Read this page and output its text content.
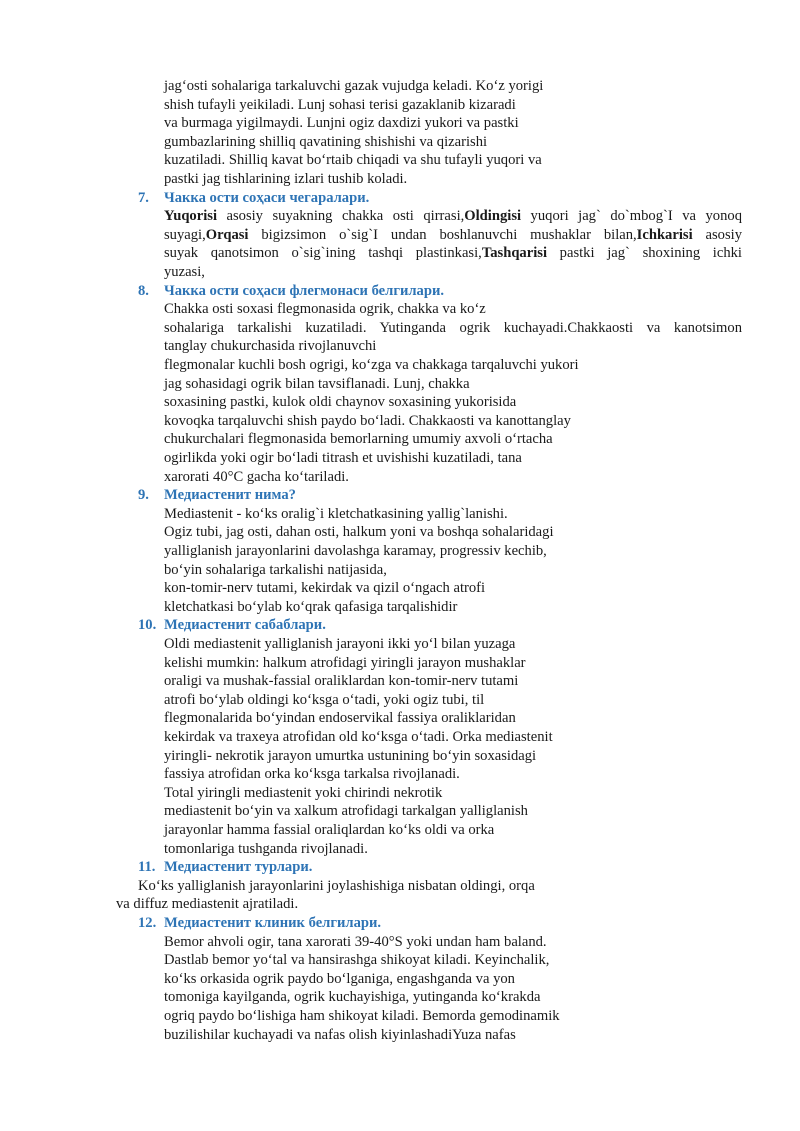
jag‘osti sohalariga tarkaluvchi gazak vujudga keladi. Ko‘z yorigi
shish tufayli yeikiladi. Lunj sohasi terisi gazaklanib kizaradi
va burmaga yigilmaydi. Lunjni ogiz daxdizi yukori va pastki
gumbazlarining shilliq qavatining shishishi va qizarishi
kuzatiladi. Shilliq kavat bo‘rtaib chiqadi va shu tufayli yuqori va
pastki jag tishlarining izlari tushib koladi.
7. Чакка ости соҳаси чегаралари.
Yuqorisi asosiy suyakning chakka osti qirrasi,Oldingisi yuqori jag` do`mbog`I va yonoq
suyagi,Orqasi bigizsimon o`sig`I undan boshlanuvchi mushaklar bilan,Ichkarisi asosiy
suyak qanotsimon o`sig`ining tashqi plastinkasi,Tashqarisi pastki jag` shoxining ichki
yuzasi,
8. Чакка ости соҳаси флегмонаси белгилари.
Chakka osti soxasi flegmonasida ogrik, chakka va ko‘z
sohalariga tarkalishi kuzatiladi. Yutinganda ogrik kuchayadi.Chakkaosti va kanotsimon
tanglay chukurchasida rivojlanuvchi
flegmonalar kuchli bosh ogrigi, ko‘zga va chakkaga tarqaluvchi yukori
jag sohasidagi ogrik bilan tavsiflanadi. Lunj, chakka
soxasining pastki, kulok oldi chaynov soxasining yukorisida
kovoqka tarqaluvchi shish paydo bo‘ladi. Chakkaosti va kanottanglay
chukurchalari flegmonasida bemorlarning umumiy axvoli o‘rtacha
ogirlikda yoki ogir bo‘ladi titrash et uvishishi kuzatiladi, tana
xarorati 40°C gacha ko‘tariladi.
9. Медиастенит нима?
Mediastenit - ko‘ks oralig`i kletchatkasining yallig`lanishi.
Ogiz tubi, jag osti, dahan osti, halkum yoni va boshqa sohalaridagi
yalliglanish jarayonlarini davolashga karamay, progressiv kechib,
bo‘yin sohalariga tarkalishi natijasida,
kon-tomir-nerv tutami, kekirdak va qizil o‘ngach atrofi
kletchatkasi bo‘ylab ko‘qrak qafasiga tarqalishidir
10. Медиастенит сабаблари.
Oldi mediastenit yalliglanish jarayoni ikki yo‘l bilan yuzaga
kelishi mumkin: halkum atrofidagi yiringli jarayon mushaklar
oraligi va mushak-fassial oraliklardan kon-tomir-nerv tutami
atrofi bo‘ylab oldingi ko‘ksga o‘tadi, yoki ogiz tubi, til
flegmonalarida bo‘yindan endoservikal fassiya oraliklaridan
kekirdak va traxeya atrofidan old ko‘ksga o‘tadi. Orka mediastenit
yiringli- nekrotik jarayon umurtka ustunining bo‘yin soxasidagi
fassiya atrofidan orka ko‘ksga tarkalsa rivojlanadi.
Total yiringli mediastenit yoki chirindi nekrotik
mediastenit bo‘yin va xalkum atrofidagi tarkalgan yalliglanish
jarayonlar hamma fassial oraliqlardan ko‘ks oldi va orka
tomonlariga tushganda rivojlanadi.
11. Медиастенит турлари.
Ko‘ks yalliglanish jarayonlarini joylashishiga nisbatan oldingi, orqa
va diffuz mediastenit ajratiladi.
12. Медиастенит клиник белгилари.
Bemor ahvoli ogir, tana xarorati 39-40°S yoki undan ham baland.
Dastlab bemor yo‘tal va hansirashga shikoyat kiladi. Keyinchalik,
ko‘ks orkasida ogrik paydo bo‘lganiga, engashganda va yon
tomoniga kayilganda, ogrik kuchayishiga, yutinganda ko‘krakda
ogriq paydo bo‘lishiga ham shikoyat kiladi. Bemorda gemodinamik
buzilishilar kuchayadi va nafas olish kiyinlashadiYuza nafas
